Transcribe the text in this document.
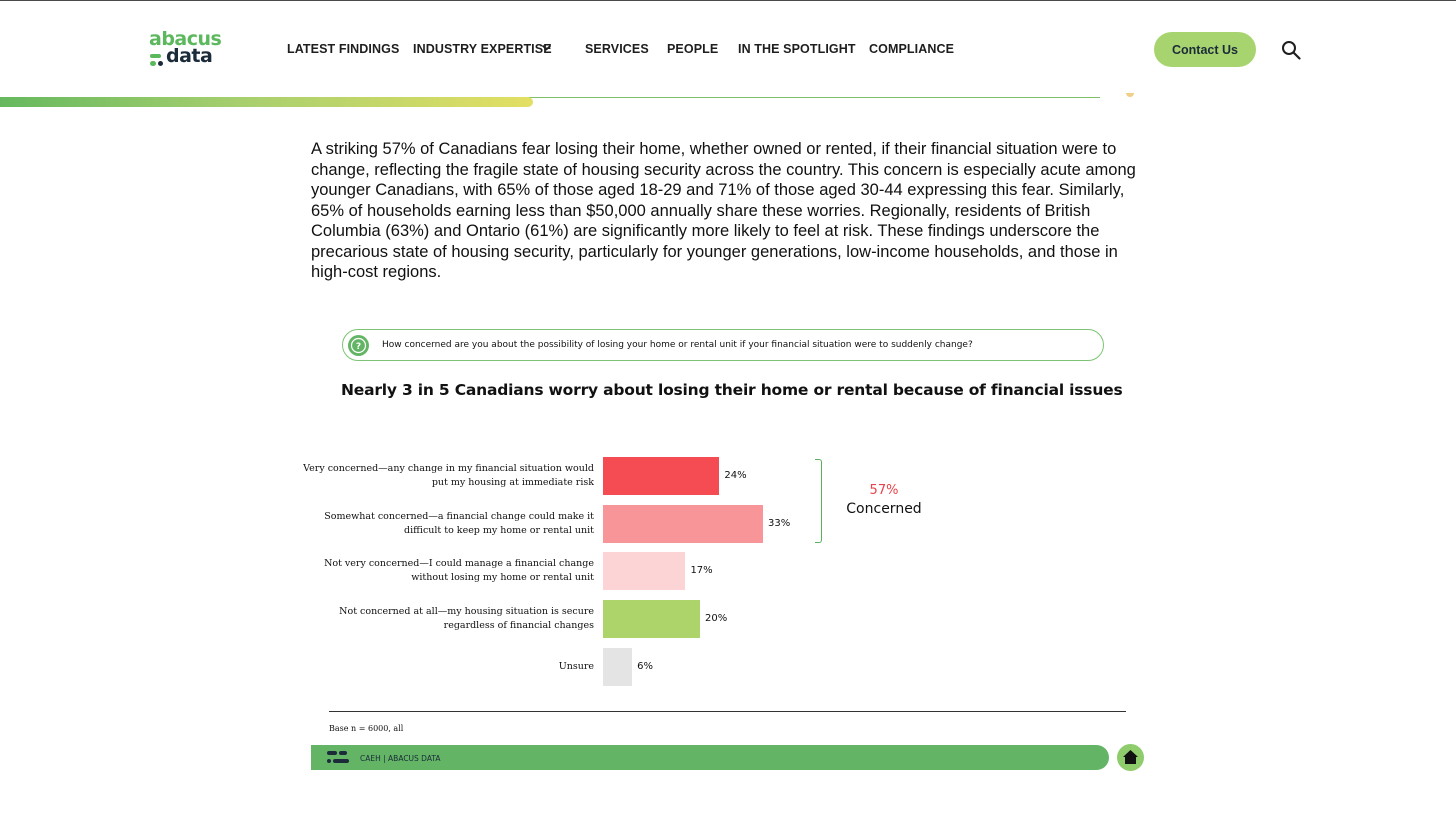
abacus
data	LATEST FINDINGS INDUSTRY EXPERTISE	SERVICES PEOPLE IN THE SPOTLIGHT COMPLIANCE	Contact Us

A striking 57% of Canadians fear losing their home, whether owned or rented, if their financial situation were to change, reflecting the fragile state of housing security across the country. This concern is especially acute among younger Canadians, with 65% of those aged 18-29 and 71% of those aged 30-44 expressing this fear. Similarly, 65% of households earning less than $50,000 annually share these worries. Regionally, residents of British Columbia (63%) and Ontario (61%) are significantly more likely to feel at risk. These findings underscore the precarious state of housing security, particularly for younger generations, low-income households, and those in high-cost regions.

? How concerned are you about the possibility of losing your home or rental unit if your financial situation were to suddenly change?
Nearly 3 in 5 Canadians worry about losing their home or rental because of financial issues
Very concerned—any change in my financial situation would
put my housing at immediate risk
24%
Somewhat concerned—a financial change could make it
difficult to keep my home or rental unit
33%
Not very concerned—I could manage a financial change
without losing my home or rental unit
17%
Not concerned at all—my housing situation is secure
regardless of financial changes
20%
Unsure	6%
57%
Concerned
Base n = 6000, all
CAEH | ABACUS DATA
